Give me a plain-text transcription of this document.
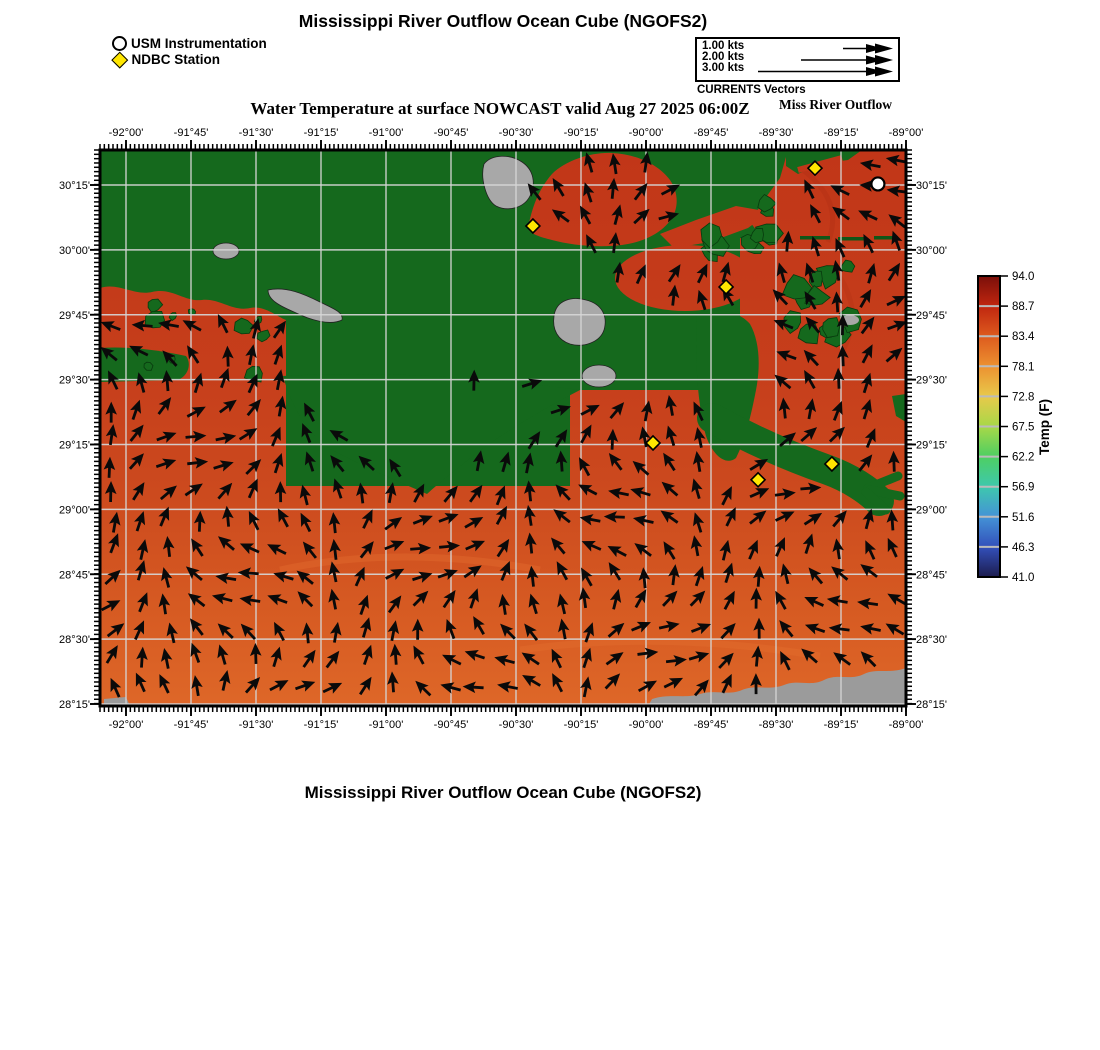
Mississippi River Outflow Ocean Cube (NGOFS2)
USM Instrumentation
NDBC Station
1.00 kts
2.00 kts
3.00 kts
CURRENTS Vectors
Water Temperature at surface NOWCAST valid Aug 27 2025 06:00Z	Miss River Outflow
-92°00'
-92°00'
-91°45'
-91°45'
-91°30'
-91°30'
-91°15'
-91°15'
-91°00'
-91°00'
-90°45'
-90°45'
-90°30'
-90°30'
-90°15'
-90°15'
-90°00'
-90°00'
-89°45'
-89°45'
-89°30'
-89°30'
-89°15'
-89°15'
-89°00'
-89°00'
30°15'	30°15'
30°00'	30°00'
29°45'	29°45'
29°30'	29°30'
29°15'	29°15'
29°00'	29°00'
28°45'	28°45'
28°30'	28°30'
28°15'	28°15'
94.0
88.7
83.4
78.1
72.8
67.5
62.2
56.9
51.6
46.3
41.0
Temp (F)
Mississippi River Outflow Ocean Cube (NGOFS2)
